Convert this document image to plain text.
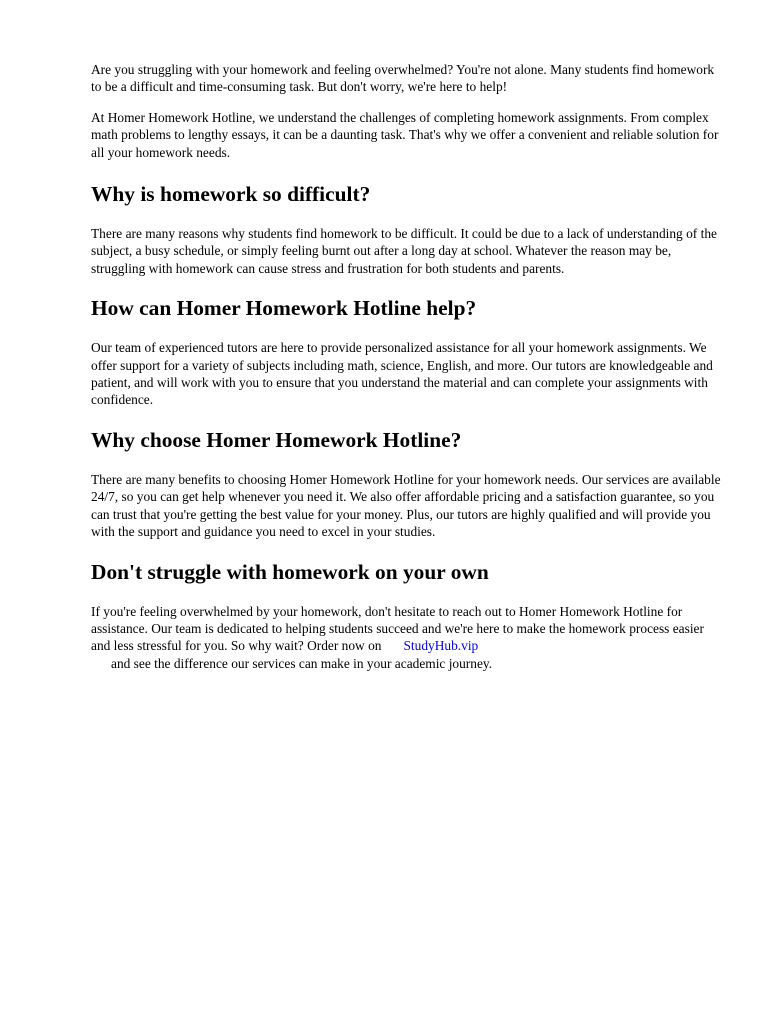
Are you struggling with your homework and feeling overwhelmed? You're not alone. Many students find homework to be a difficult and time-consuming task. But don't worry, we're here to help!

At Homer Homework Hotline, we understand the challenges of completing homework assignments. From complex math problems to lengthy essays, it can be a daunting task. That's why we offer a convenient and reliable solution for all your homework needs.

Why is homework so difficult?

There are many reasons why students find homework to be difficult. It could be due to a lack of understanding of the subject, a busy schedule, or simply feeling burnt out after a long day at school. Whatever the reason may be, struggling with homework can cause stress and frustration for both students and parents.

How can Homer Homework Hotline help?

Our team of experienced tutors are here to provide personalized assistance for all your homework assignments. We offer support for a variety of subjects including math, science, English, and more. Our tutors are knowledgeable and patient, and will work with you to ensure that you understand the material and can complete your assignments with confidence.

Why choose Homer Homework Hotline?

There are many benefits to choosing Homer Homework Hotline for your homework needs. Our services are available 24/7, so you can get help whenever you need it. We also offer affordable pricing and a satisfaction guarantee, so you can trust that you're getting the best value for your money. Plus, our tutors are highly qualified and will provide you with the support and guidance you need to excel in your studies.

Don't struggle with homework on your own

If you're feeling overwhelmed by your homework, don't hesitate to reach out to Homer Homework Hotline for assistance. Our team is dedicated to helping students succeed and we're here to make the homework process easier and less stressful for you. So why wait? Order now on StudyHub.vip
and see the difference our services can make in your academic journey.
